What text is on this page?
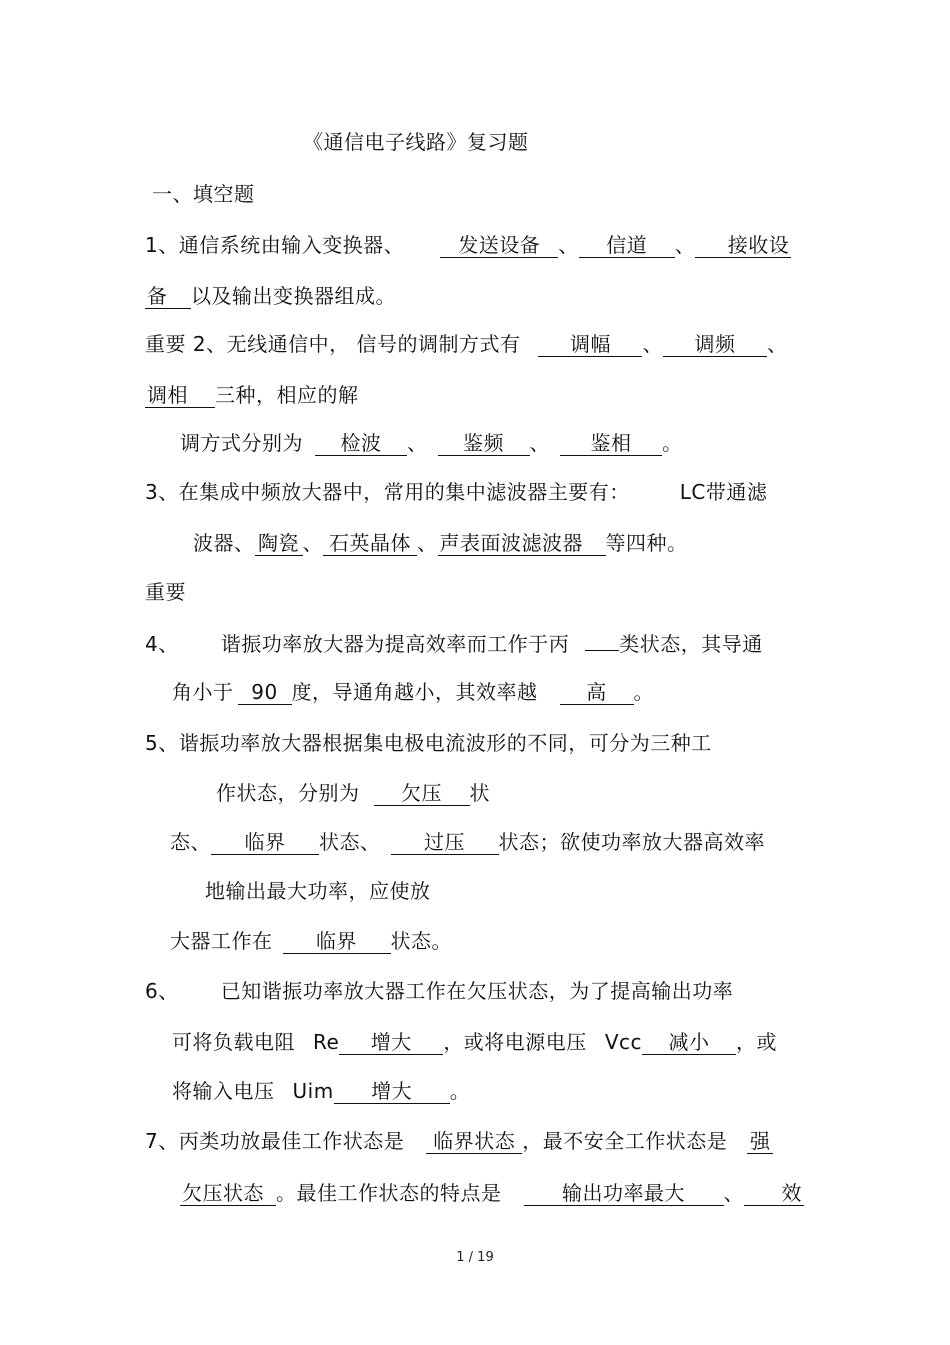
《通信电子线路》复习题
一、填空题
1、通信系统由输入变换器、	发送设备 、 信道 、 接收设
备 以及输出变换器组成。
重要 2、无线通信中， 信号的调制方式有 调幅 、 调频 、
调相 三种，相应的解
调方式分别为 检波 、 鉴频 、 鉴相 。
3、在集成中频放大器中，常用的集中滤波器主要有：	LC带通滤
波器、 陶瓷 、 石英晶体 、 声表面波滤波器 等四种。
重要
4、 谐振功率放大器为提高效率而工作于丙	类状态，其导通
角小于 90 度，导通角越小，其效率越 高 。
5、谐振功率放大器根据集电极电流波形的不同，可分为三种工
作状态，分别为 欠压 状
态、 临界 状态、 过压 状态；欲使功率放大器高效率
地输出最大功率，应使放
大器工作在 临界 状态。
6、 已知谐振功率放大器工作在欠压状态，为了提高输出功率
可将负载电阻 Re 增大 ，或将电源电压 Vcc 减小 ，或
将输入电压 Uim 增大 。
7、丙类功放最佳工作状态是 临界状态 ，最不安全工作状态是 强
欠压状态 。最佳工作状态的特点是	输出功率最大 、 效
1 / 19
